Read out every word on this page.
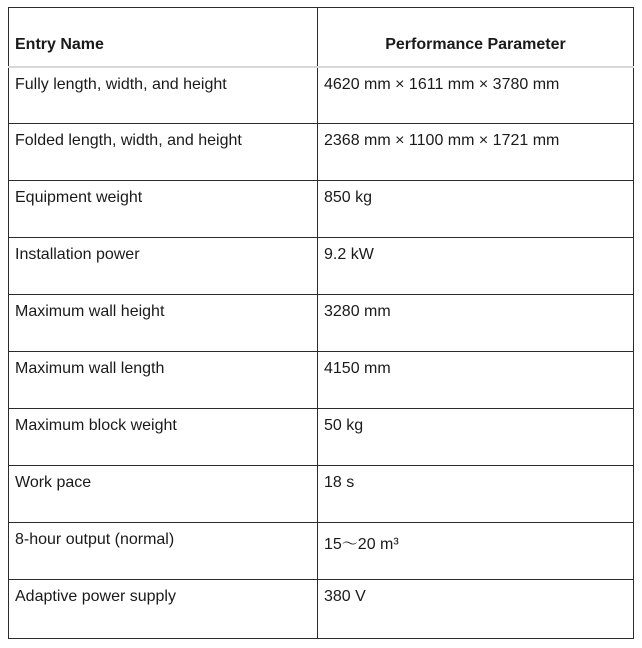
Entry Name	Performance Parameter
Fully length, width, and height	4620 mm × 1611 mm × 3780 mm
Folded length, width, and height	2368 mm × 1100 mm × 1721 mm
Equipment weight	850 kg
Installation power	9.2 kW
Maximum wall height	3280 mm
Maximum wall length	4150 mm
Maximum block weight	50 kg
Work pace	18 s
8-hour output (normal)	15～20 m³
Adaptive power supply	380 V
